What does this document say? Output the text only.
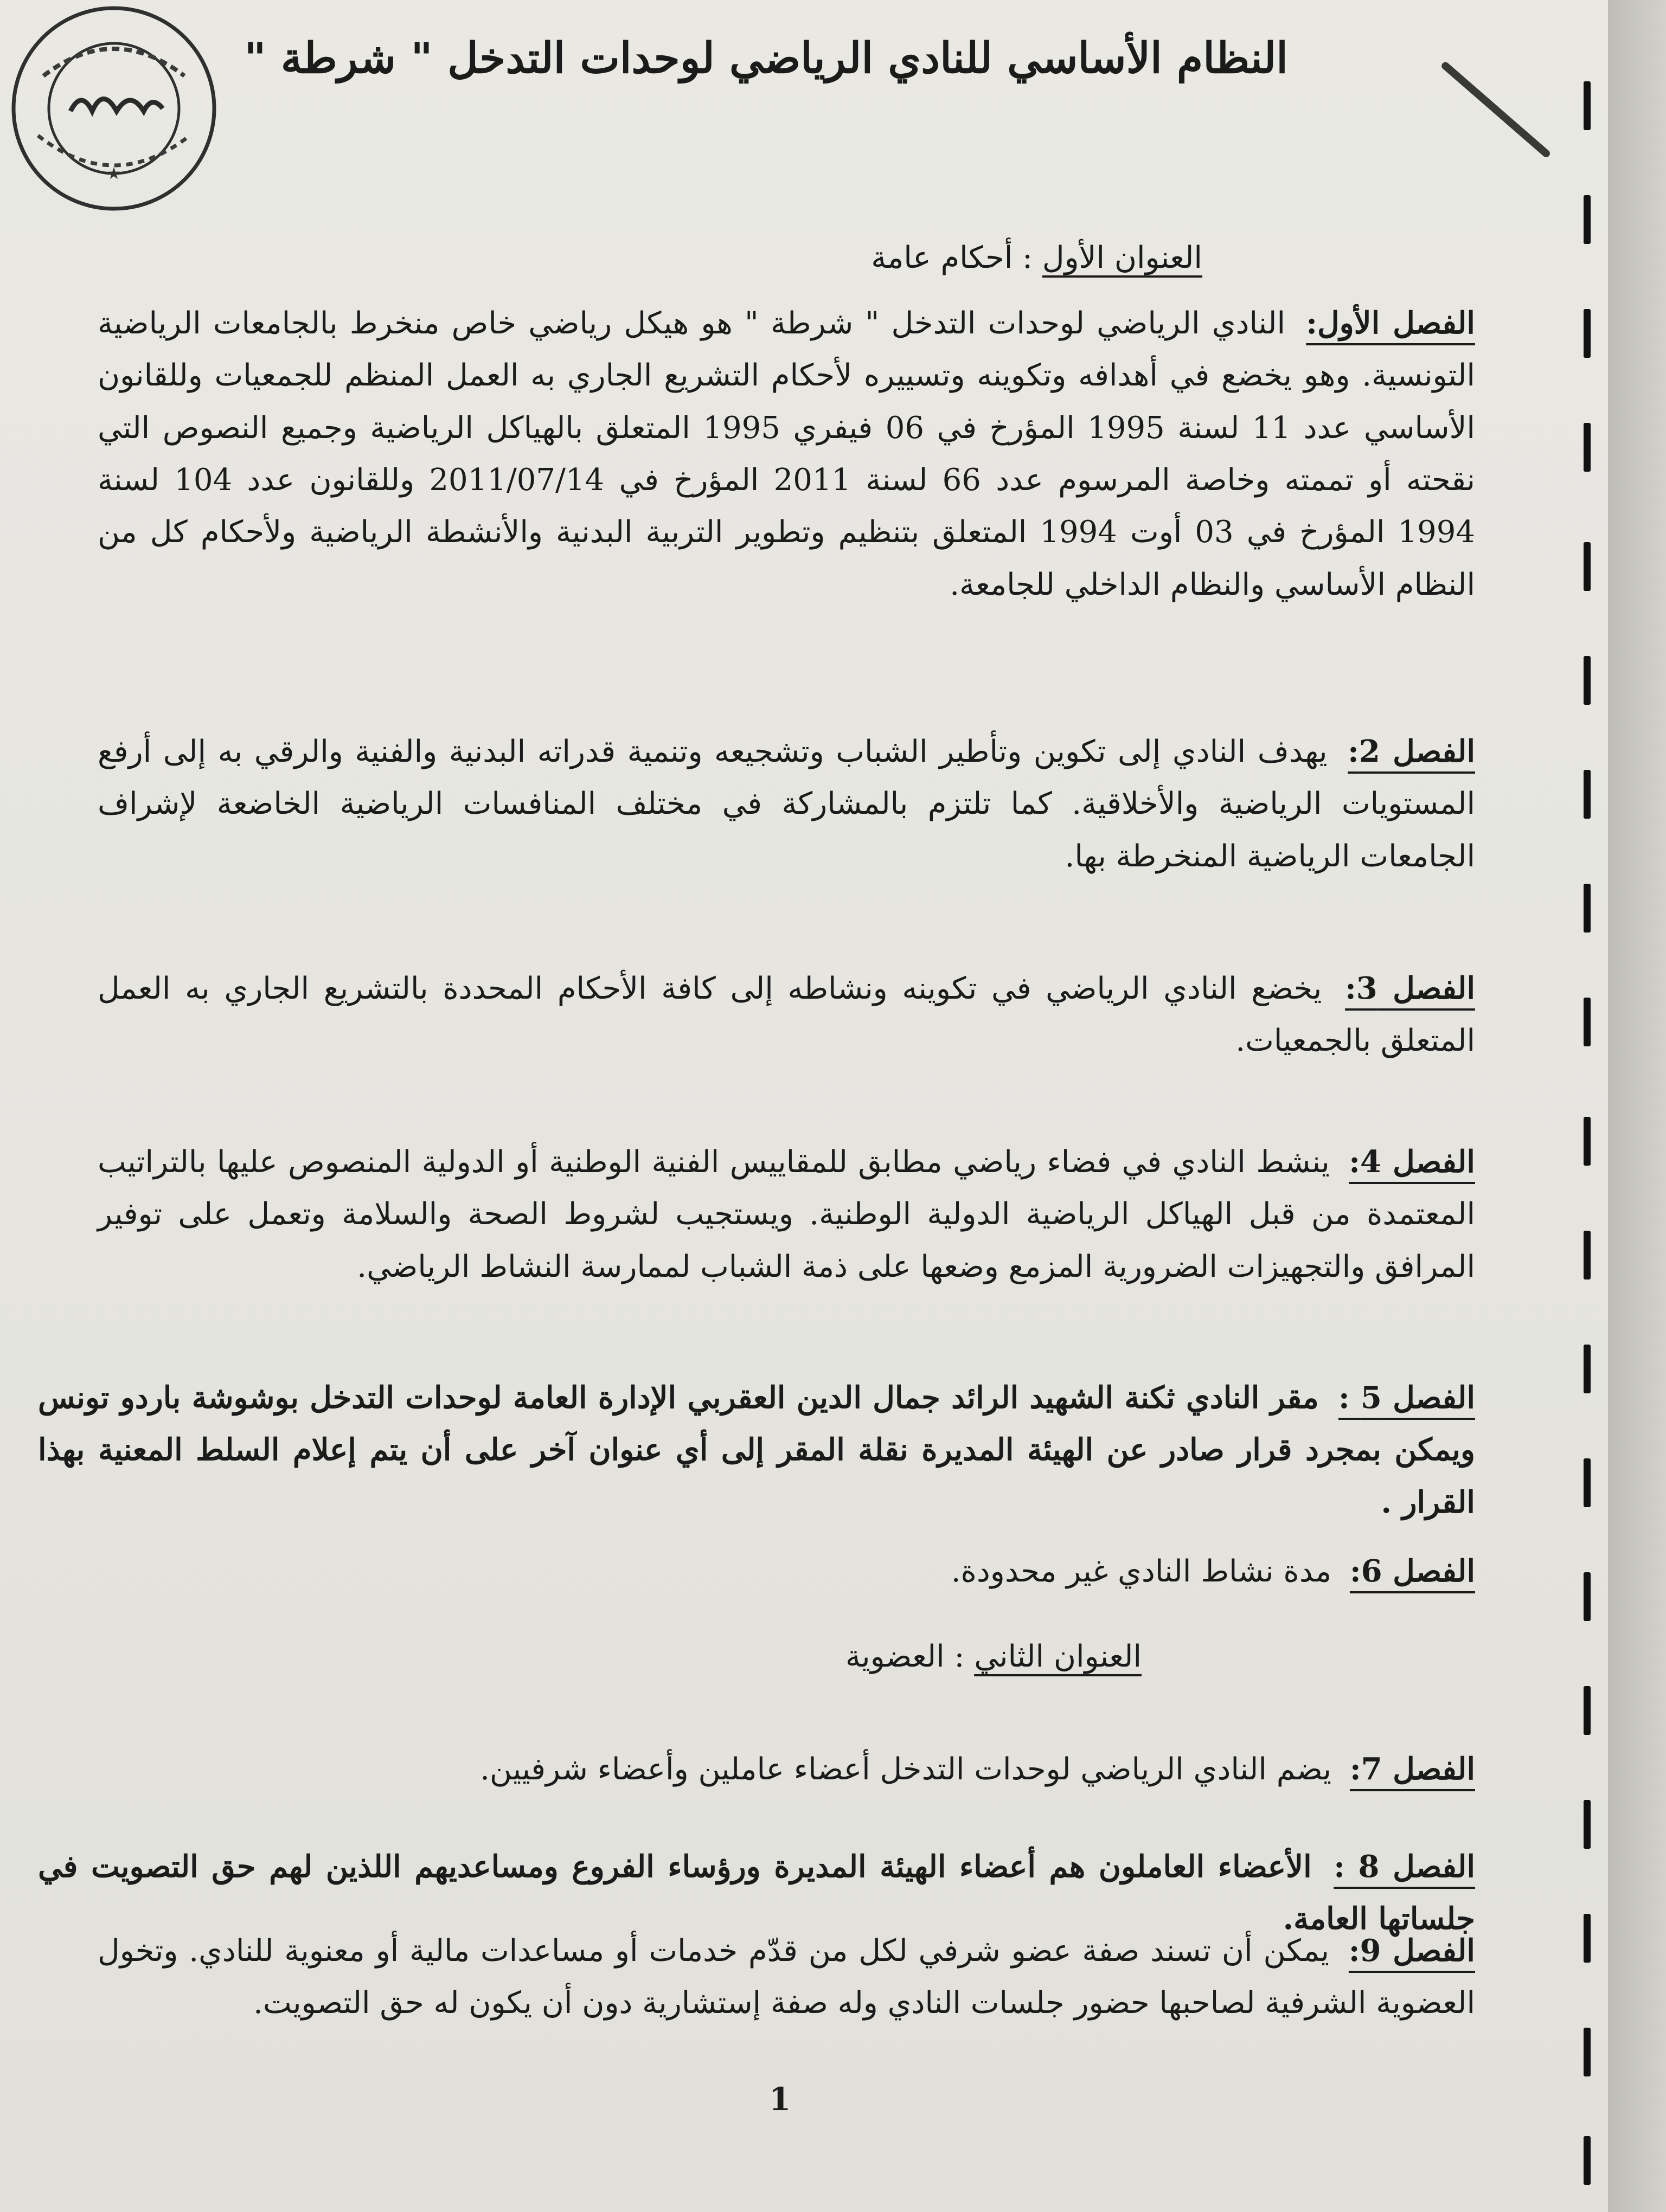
★
النظام الأساسي للنادي الرياضي لوحدات التدخل " شرطة "
العنوان الأول : أحكام عامة
الفصل الأول: النادي الرياضي لوحدات التدخل " شرطة " هو هيكل رياضي خاص منخرط بالجامعات الرياضية التونسية. وهو يخضع في أهدافه وتكوينه وتسييره لأحكام التشريع الجاري به العمل المنظم للجمعيات وللقانون الأساسي عدد 11 لسنة 1995 المؤرخ في 06 فيفري 1995 المتعلق بالهياكل الرياضية وجميع النصوص التي نقحته أو تممته وخاصة المرسوم عدد 66 لسنة 2011 المؤرخ في 2011/07/14 وللقانون عدد 104 لسنة 1994 المؤرخ في 03 أوت 1994 المتعلق بتنظيم وتطوير التربية البدنية والأنشطة الرياضية ولأحكام كل من النظام الأساسي والنظام الداخلي للجامعة.
الفصل 2: يهدف النادي إلى تكوين وتأطير الشباب وتشجيعه وتنمية قدراته البدنية والفنية والرقي به إلى أرفع المستويات الرياضية والأخلاقية. كما تلتزم بالمشاركة في مختلف المنافسات الرياضية الخاضعة لإشراف الجامعات الرياضية المنخرطة بها.
الفصل 3: يخضع النادي الرياضي في تكوينه ونشاطه إلى كافة الأحكام المحددة بالتشريع الجاري به العمل المتعلق بالجمعيات.
الفصل 4: ينشط النادي في فضاء رياضي مطابق للمقاييس الفنية الوطنية أو الدولية المنصوص عليها بالتراتيب المعتمدة من قبل الهياكل الرياضية الدولية الوطنية. ويستجيب لشروط الصحة والسلامة وتعمل على توفير المرافق والتجهيزات الضرورية المزمع وضعها على ذمة الشباب لممارسة النشاط الرياضي.
الفصل 5 : مقر النادي ثكنة الشهيد الرائد جمال الدين العقربي الإدارة العامة لوحدات التدخل بوشوشة باردو تونس ويمكن بمجرد قرار صادر عن الهيئة المديرة نقلة المقر إلى أي عنوان آخر على أن يتم إعلام السلط المعنية بهذا القرار .
الفصل 6: مدة نشاط النادي غير محدودة.
العنوان الثاني : العضوية
الفصل 7: يضم النادي الرياضي لوحدات التدخل أعضاء عاملين وأعضاء شرفيين.
الفصل 8 : الأعضاء العاملون هم أعضاء الهيئة المديرة ورؤساء الفروع ومساعديهم اللذين لهم حق التصويت في جلساتها العامة.
الفصل 9: يمكن أن تسند صفة عضو شرفي لكل من قدّم خدمات أو مساعدات مالية أو معنوية للنادي. وتخول العضوية الشرفية لصاحبها حضور جلسات النادي وله صفة إستشارية دون أن يكون له حق التصويت.
1
